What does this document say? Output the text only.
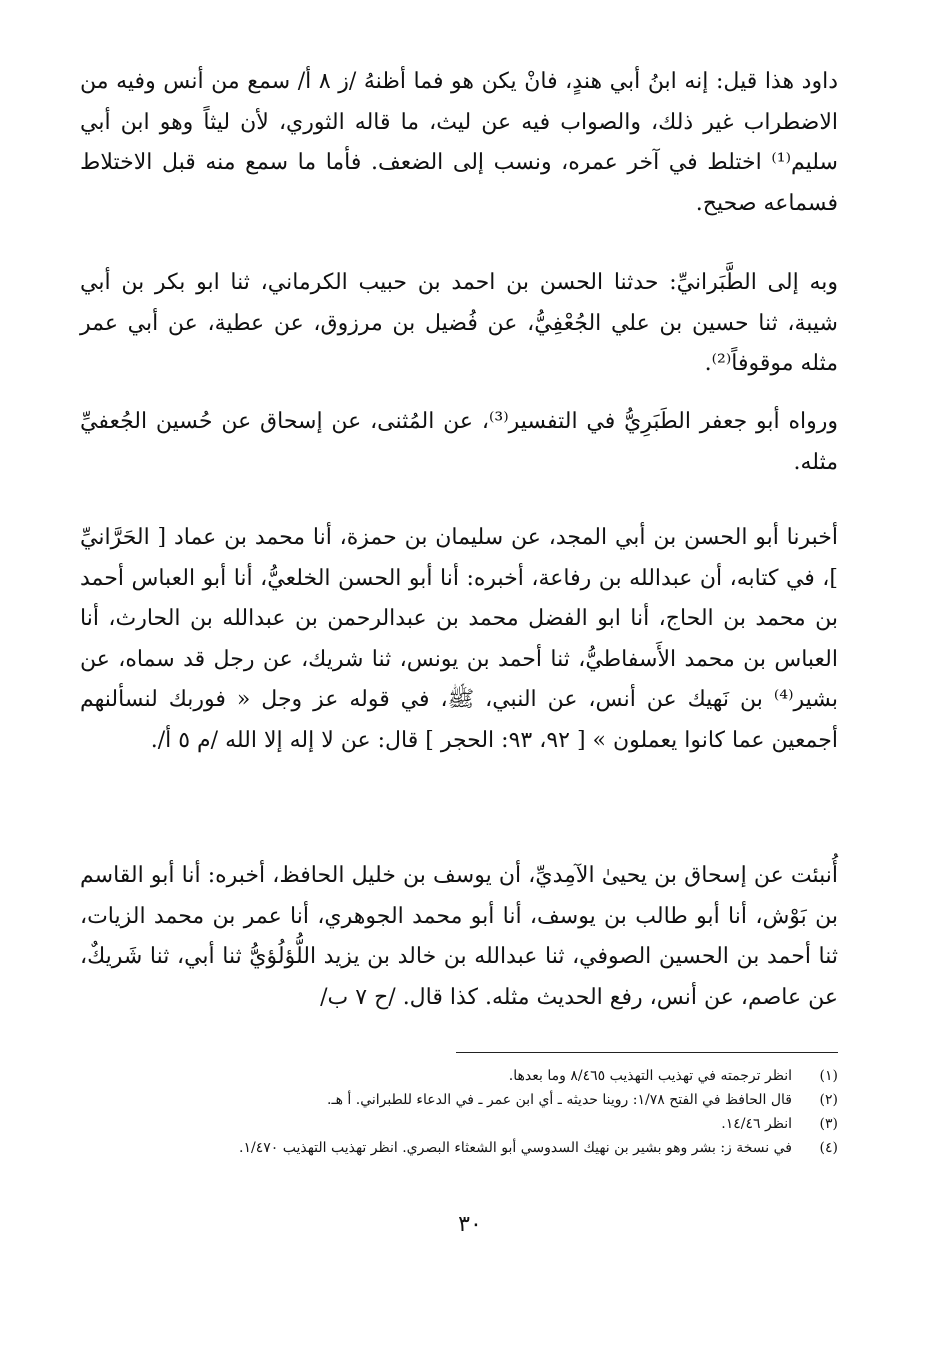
داود هذا قيل: إنه ابنُ أبي هندٍ، فانْ يكن هو فما أظنهُ /ز ٨ أ/ سمع من أنس وفيه من الاضطراب غير ذلك، والصواب فيه عن ليث، ما قاله الثوري، لأن ليثاً وهو ابن أبي سليم⁽¹⁾ اختلط في آخر عمره، ونسب إلى الضعف. فأما ما سمع منه قبل الاختلاط فسماعه صحيح.

وبه إلى الطَّبَرانيِّ: حدثنا الحسن بن احمد بن حبيب الكرماني، ثنا ابو بكر بن أبي شيبة، ثنا حسين بن علي الجُعْفِيُّ، عن فُضيل بن مرزوق، عن عطية، عن أبي عمر مثله موقوفاً⁽²⁾.

ورواه أبو جعفر الطَبَرِيُّ في التفسير⁽³⁾، عن المُثنى، عن إسحاق عن حُسين الجُعفيِّ مثله.

أخبرنا أبو الحسن بن أبي المجد، عن سليمان بن حمزة، أنا محمد بن عماد [ الحَرَّانيِّ ]، في كتابه، أن عبدالله بن رفاعة، أخبره: أنا أبو الحسن الخلعيُّ، أنا أبو العباس أحمد بن محمد بن الحاج، أنا ابو الفضل محمد بن عبدالرحمن بن عبدالله بن الحارث، أنا العباس بن محمد الأَسفاطيُّ، ثنا أحمد بن يونس، ثنا شريك، عن رجل قد سماه، عن بشير⁽⁴⁾ بن نَهيك عن أنس، عن النبي، ﷺ، في قوله عز وجل « فوربك لنسألنهم أجمعين عما كانوا يعملون » [ ٩٢، ٩٣: الحجر ] قال: عن لا إله إلا الله /م ٥ أ/.

أُنبئت عن إسحاق بن يحيىٰ الآمِديِّ، أن يوسف بن خليل الحافظ، أخبره: أنا أبو القاسم بن بَوْش، أنا أبو طالب بن يوسف، أنا أبو محمد الجوهري، أنا عمر بن محمد الزيات، ثنا أحمد بن الحسين الصوفي، ثنا عبدالله بن خالد بن يزيد اللُّؤلُؤيُّ ثنا أبي، ثنا شَريكٌ، عن عاصم، عن أنس، رفع الحديث مثله. كذا قال. /ح ٧ ب/

(١)
انظر ترجمته في تهذيب التهذيب ٨/٤٦٥ وما بعدها.
(٢)
قال الحافظ في الفتح ١/٧٨: روينا حديثه ـ أي ابن عمر ـ في الدعاء للطبراني. أ هـ.
(٣)
انظر ١٤/٤٦.
(٤)
في نسخة ز: بشر وهو بشير بن نهيك السدوسي أبو الشعثاء البصري. انظر تهذيب التهذيب ١/٤٧٠.
٣٠
